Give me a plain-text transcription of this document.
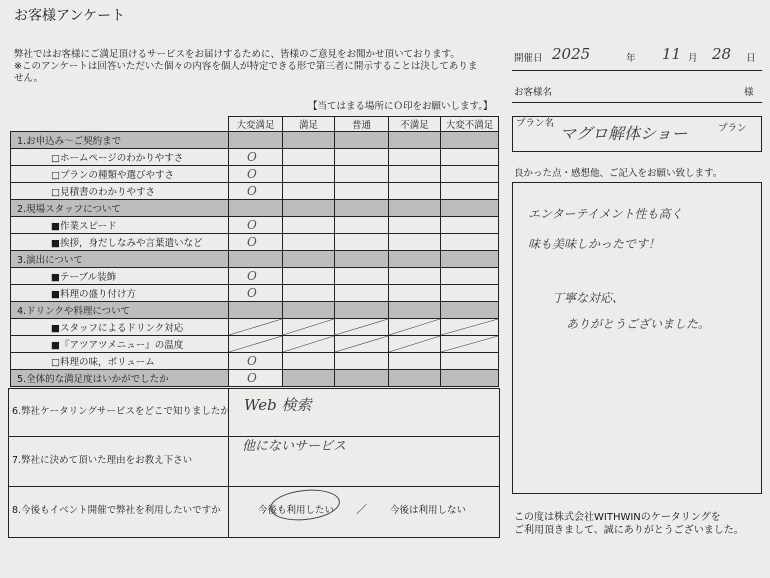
お客様アンケート
弊社ではお客様にご満足頂けるサービスをお届けするために、皆様のご意見をお聞かせ頂いております。
※このアンケートは回答いただいた個々の内容を個人が特定できる形で第三者に開示することは決してありま
せん。
【当てはまる場所にＯ印をお願いします。】
	大変満足	満足	普通	不満足	大変不満足
1.お申込み～ご契約まで					
□ホームページのわかりやすさ	O				

□プランの種類や選びやすさ	O				

□見積書のわかりやすさ	O				

2.現場スタッフについて					
■作業スピード	O				

■挨拶，身だしなみや言葉遣いなど	O				

3.演出について					
■テーブル装飾	O				

■料理の盛り付け方	O				

4.ドリンクや料理について					
■スタッフによるドリンク対応	

■『アツアツメニュー』の温度	

□料理の味，ボリューム	O				

5.全体的な満足度はいかがでしたか	O				

6.弊社ケータリングサービスをどこで知りましたか Web 検索
7.弊社に決めて頂いた理由をお教え下さい
他にないサービス
8.今後もイベント開催で弊社を利用したいですか	今後も利用したい ／ 今後は利用しない
開催日 2025	年 11 月 28 日
お客様名	様
プラン名
マグロ解体ショー	プラン
良かった点・感想他、ご記入をお願い致します。
エンターテイメント性も高く
味も美味しかったです！
丁寧な対応、
ありがとうございました。
この度は株式会社WITHWINのケータリングを
ご利用頂きまして、誠にありがとうございました。
